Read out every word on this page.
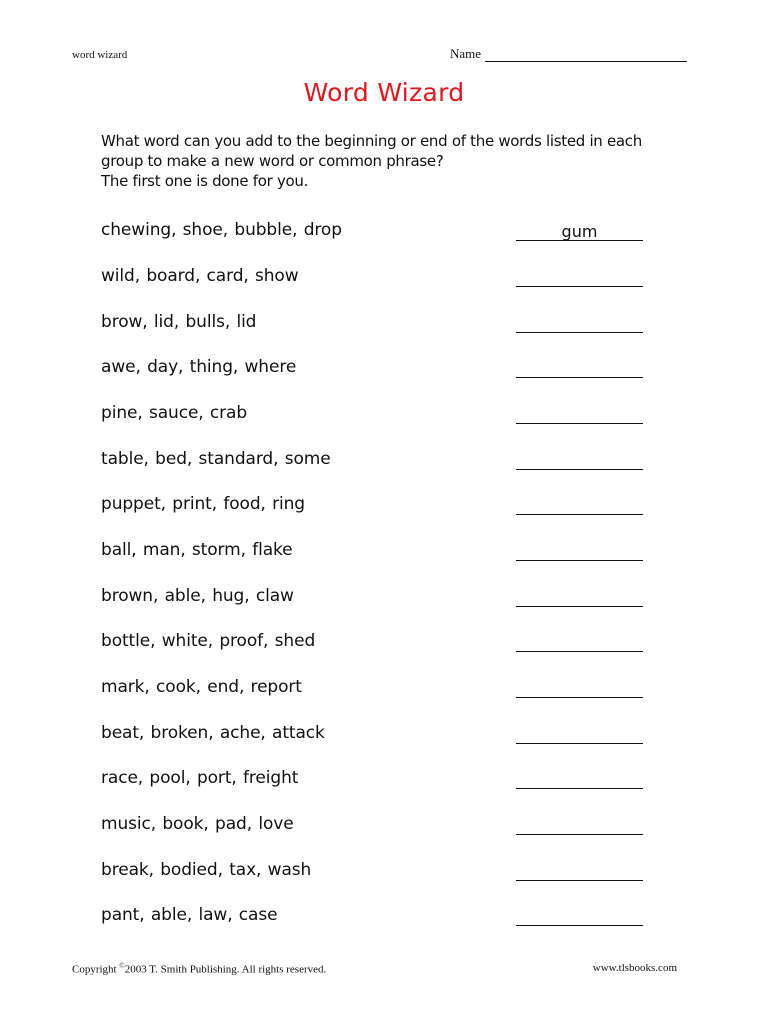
word wizard	Name
Word Wizard

What word can you add to the beginning or end of the words listed in each

group to make a new word or common phrase?

The first one is done for you.

chewing, shoe, bubble, drop	gum
wild, board, card, show
brow, lid, bulls, lid
awe, day, thing, where
pine, sauce, crab
table, bed, standard, some
puppet, print, food, ring
ball, man, storm, flake
brown, able, hug, claw
bottle, white, proof, shed
mark, cook, end, report
beat, broken, ache, attack
race, pool, port, freight
music, book, pad, love
break, bodied, tax, wash
pant, able, law, case
Copyright ©2003 T. Smith Publishing. All rights reserved.	www.tlsbooks.com
